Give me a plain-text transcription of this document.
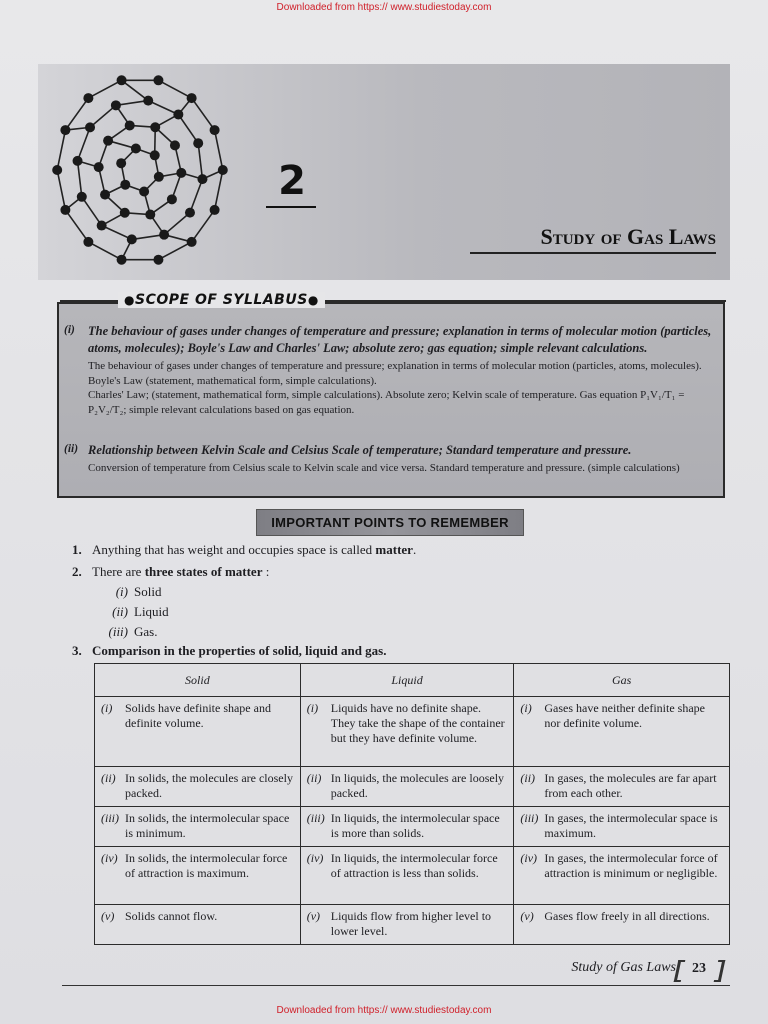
Downloaded from https:// www.studiestoday.com
2
Study of Gas Laws
●SCOPE OF SYLLABUS●
(i) The behaviour of gases under changes of temperature and pressure; explanation in terms of molecular motion (particles, atoms, molecules); Boyle's Law and Charles' Law; absolute zero; gas equation; simple relevant calculations.

The behaviour of gases under changes of temperature and pressure; explanation in terms of molecular motion (particles, atoms, molecules). Boyle's Law (statement, mathematical form, simple calculations).

Charles' Law; (statement, mathematical form, simple calculations). Absolute zero; Kelvin scale of temperature. Gas equation P₁V₁/T₁ = P₂V₂/T₂; simple relevant calculations based on gas equation.

(ii) Relationship between Kelvin Scale and Celsius Scale of temperature; Standard temperature and pressure.

Conversion of temperature from Celsius scale to Kelvin scale and vice versa. Standard temperature and pressure. (simple calculations)

IMPORTANT POINTS TO REMEMBER
1. Anything that has weight and occupies space is called matter.
2. There are three states of matter :
(i) Solid
(ii) Liquid
(iii) Gas.
3. Comparison in the properties of solid, liquid and gas.
Solid	Liquid	Gas

(i) Solids have definite shape and definite volume.	(i) Liquids have no definite shape. They take the shape of the container but they have definite volume.	(i) Gases have neither definite shape nor definite volume.

(ii) In solids, the molecules are closely packed.	(ii) In liquids, the molecules are loosely packed.	(ii) In gases, the molecules are far apart from each other.

(iii) In solids, the intermolecular space is minimum.	(iii) In liquids, the intermolecular space is more than solids.	(iii) In gases, the intermolecular space is maximum.

(iv) In solids, the intermolecular force of attraction is maximum.	(iv) In liquids, the intermolecular force of attraction is less than solids.	(iv) In gases, the intermolecular force of attraction is minimum or negligible.

(v) Solids cannot flow.	(v) Liquids flow from higher level to lower level.	(v) Gases flow freely in all directions.
Study of Gas Laws	23
Downloaded from https:// www.studiestoday.com
